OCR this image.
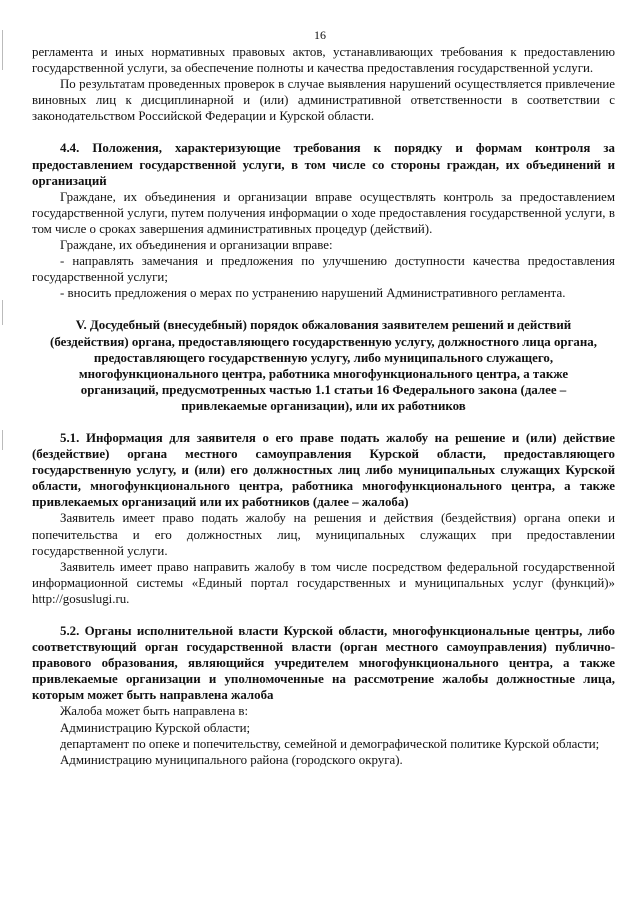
16

регламента и иных нормативных правовых актов, устанавливающих требования к предоставлению государственной услуги, за обеспечение полноты и качества предоставления государственной услуги.

По результатам проведенных проверок в случае выявления нарушений осуществляется привлечение виновных лиц к дисциплинарной и (или) административной ответственности в соответствии с законодательством Российской Федерации и Курской области.

4.4. Положения, характеризующие требования к порядку и формам контроля за предоставлением государственной услуги, в том числе со стороны граждан, их объединений и организаций

Граждане, их объединения и организации вправе осуществлять контроль за предоставлением государственной услуги, путем получения информации о ходе предоставления государственной услуги, в том числе о сроках завершения административных процедур (действий).

Граждане, их объединения и организации вправе:

- направлять замечания и предложения по улучшению доступности качества предоставления государственной услуги;

- вносить предложения о мерах по устранению нарушений Административного регламента.

V. Досудебный (внесудебный) порядок обжалования заявителем решений и действий (бездействия) органа, предоставляющего государственную услугу, должностного лица органа, предоставляющего государственную услугу, либо муниципального служащего, многофункционального центра, работника многофункционального центра, а также организаций, предусмотренных частью 1.1 статьи 16 Федерального закона (далее – привлекаемые организации), или их работников
5.1. Информация для заявителя о его праве подать жалобу на решение и (или) действие (бездействие) органа местного самоуправления Курской области, предоставляющего государственную услугу, и (или) его должностных лиц либо муниципальных служащих Курской области, многофункционального центра, работника многофункционального центра, а также привлекаемых организаций или их работников (далее – жалоба)

Заявитель имеет право подать жалобу на решения и действия (бездействия) органа опеки и попечительства и его должностных лиц, муниципальных служащих при предоставлении государственной услуги.

Заявитель имеет право направить жалобу в том числе посредством федеральной государственной информационной системы «Единый портал государственных и муниципальных услуг (функций)» http://gosuslugi.ru.

5.2. Органы исполнительной власти Курской области, многофункциональные центры, либо соответствующий орган государственной власти (орган местного самоуправления) публично-правового образования, являющийся учредителем многофункционального центра, а также привлекаемые организации и уполномоченные на рассмотрение жалобы должностные лица, которым может быть направлена жалоба

Жалоба может быть направлена в:

Администрацию Курской области;

департамент по опеке и попечительству, семейной и демографической политике Курской области;

Администрацию муниципального района (городского округа).
